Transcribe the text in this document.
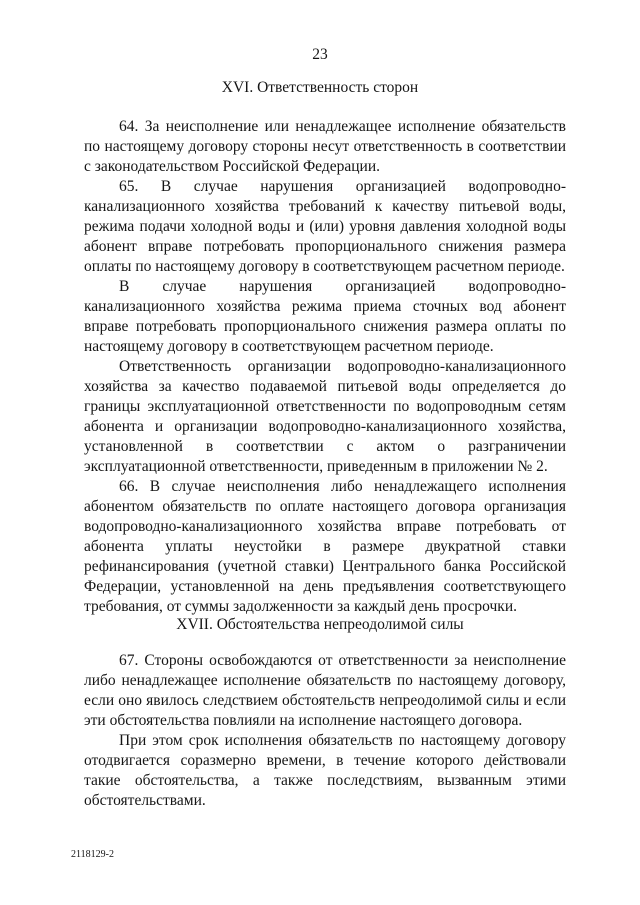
23
XVI. Ответственность сторон

64. За неисполнение или ненадлежащее исполнение обязательств по настоящему договору стороны несут ответственность в соответствии с законодательством Российской Федерации.

65. В случае нарушения организацией водопроводно-канализационного хозяйства требований к качеству питьевой воды, режима подачи холодной воды и (или) уровня давления холодной воды абонент вправе потребовать пропорционального снижения размера оплаты по настоящему договору в соответствующем расчетном периоде.

В случае нарушения организацией водопроводно-канализационного хозяйства режима приема сточных вод абонент вправе потребовать пропорционального снижения размера оплаты по настоящему договору в соответствующем расчетном периоде.

Ответственность организации водопроводно-канализационного хозяйства за качество подаваемой питьевой воды определяется до границы эксплуатационной ответственности по водопроводным сетям абонента и организации водопроводно-канализационного хозяйства, установленной в соответствии с актом о разграничении эксплуатационной ответственности, приведенным в приложении № 2.

66. В случае неисполнения либо ненадлежащего исполнения абонентом обязательств по оплате настоящего договора организация водопроводно-канализационного хозяйства вправе потребовать от абонента уплаты неустойки в размере двукратной ставки рефинансирования (учетной ставки) Центрального банка Российской Федерации, установленной на день предъявления соответствующего требования, от суммы задолженности за каждый день просрочки.

XVII. Обстоятельства непреодолимой силы

67. Стороны освобождаются от ответственности за неисполнение либо ненадлежащее исполнение обязательств по настоящему договору, если оно явилось следствием обстоятельств непреодолимой силы и если эти обстоятельства повлияли на исполнение настоящего договора.

При этом срок исполнения обязательств по настоящему договору отодвигается соразмерно времени, в течение которого действовали такие обстоятельства, а также последствиям, вызванным этими обстоятельствами.

2118129-2
